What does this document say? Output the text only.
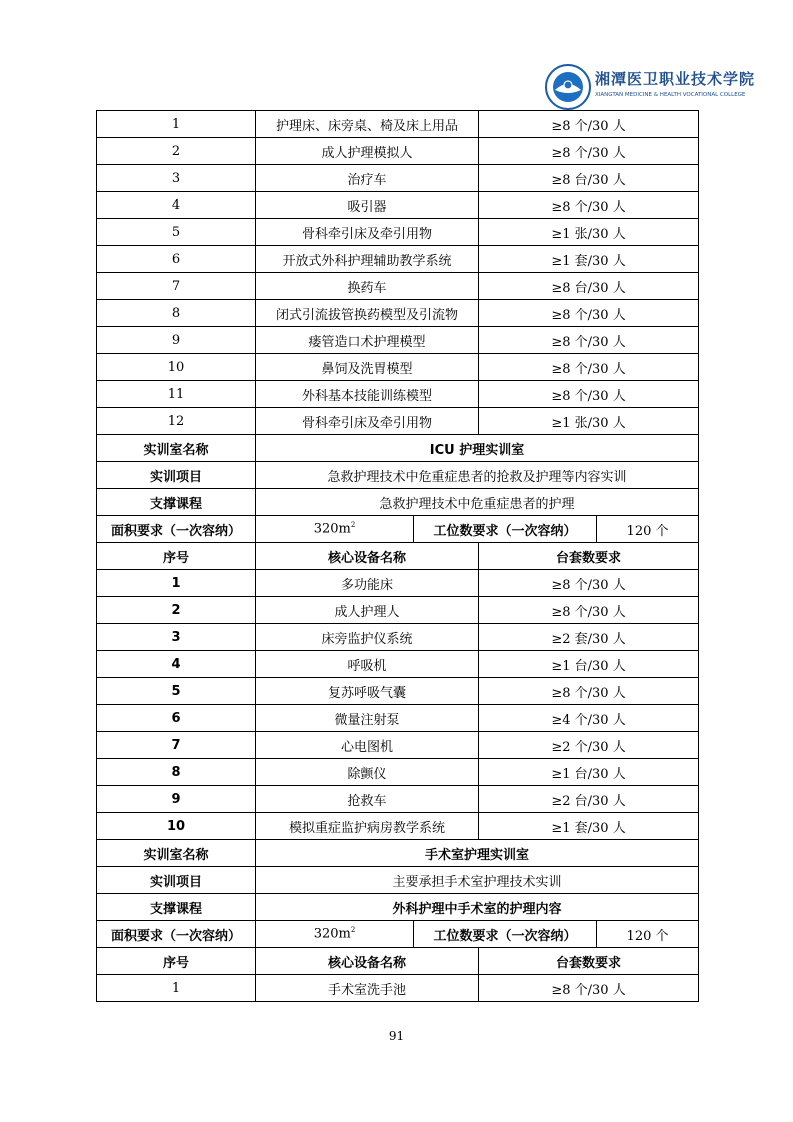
湘潭医卫职业技术学院
XIANGTAN MEDICINE & HEALTH VOCATIONAL COLLEGE
1	护理床、床旁桌、椅及床上用品		≥8 个/30 人	
2	成人护理模拟人		≥8 个/30 人	
3	治疗车		≥8 台/30 人	
4	吸引器		≥8 个/30 人	
5	骨科牵引床及牵引用物		≥1 张/30 人	
6	开放式外科护理辅助教学系统		≥1 套/30 人	
7	换药车		≥8 台/30 人	
8	闭式引流拔管换药模型及引流物		≥8 个/30 人	
9	瘘管造口术护理模型		≥8 个/30 人	
10	鼻饲及洗胃模型		≥8 个/30 人	
11	外科基本技能训练模型		≥8 个/30 人	
12	骨科牵引床及牵引用物		≥1 张/30 人	
实训室名称	ICU 护理实训室			
实训项目	急救护理技术中危重症患者的抢救及护理等内容实训			
支撑课程	急救护理技术中危重症患者的护理			
面积要求（一次容纳）	$320m^2$	工位数要求（一次容纳）		120 个
序号	核心设备名称		台套数要求	
1	多功能床		≥8 个/30 人	
2	成人护理人		≥8 个/30 人	
3	床旁监护仪系统		≥2 套/30 人	
4	呼吸机		≥1 台/30 人	
5	复苏呼吸气囊		≥8 个/30 人	
6	微量注射泵		≥4 个/30 人	
7	心电图机		≥2 个/30 人	
8	除颤仪		≥1 台/30 人	
9	抢救车		≥2 台/30 人	
10	模拟重症监护病房教学系统		≥1 套/30 人	
实训室名称	手术室护理实训室			
实训项目	主要承担手术室护理技术实训			
支撑课程	外科护理中手术室的护理内容			
面积要求（一次容纳）	$320m^2$	工位数要求（一次容纳）		120 个
序号	核心设备名称		台套数要求	
1	手术室洗手池		≥8 个/30 人	
91
